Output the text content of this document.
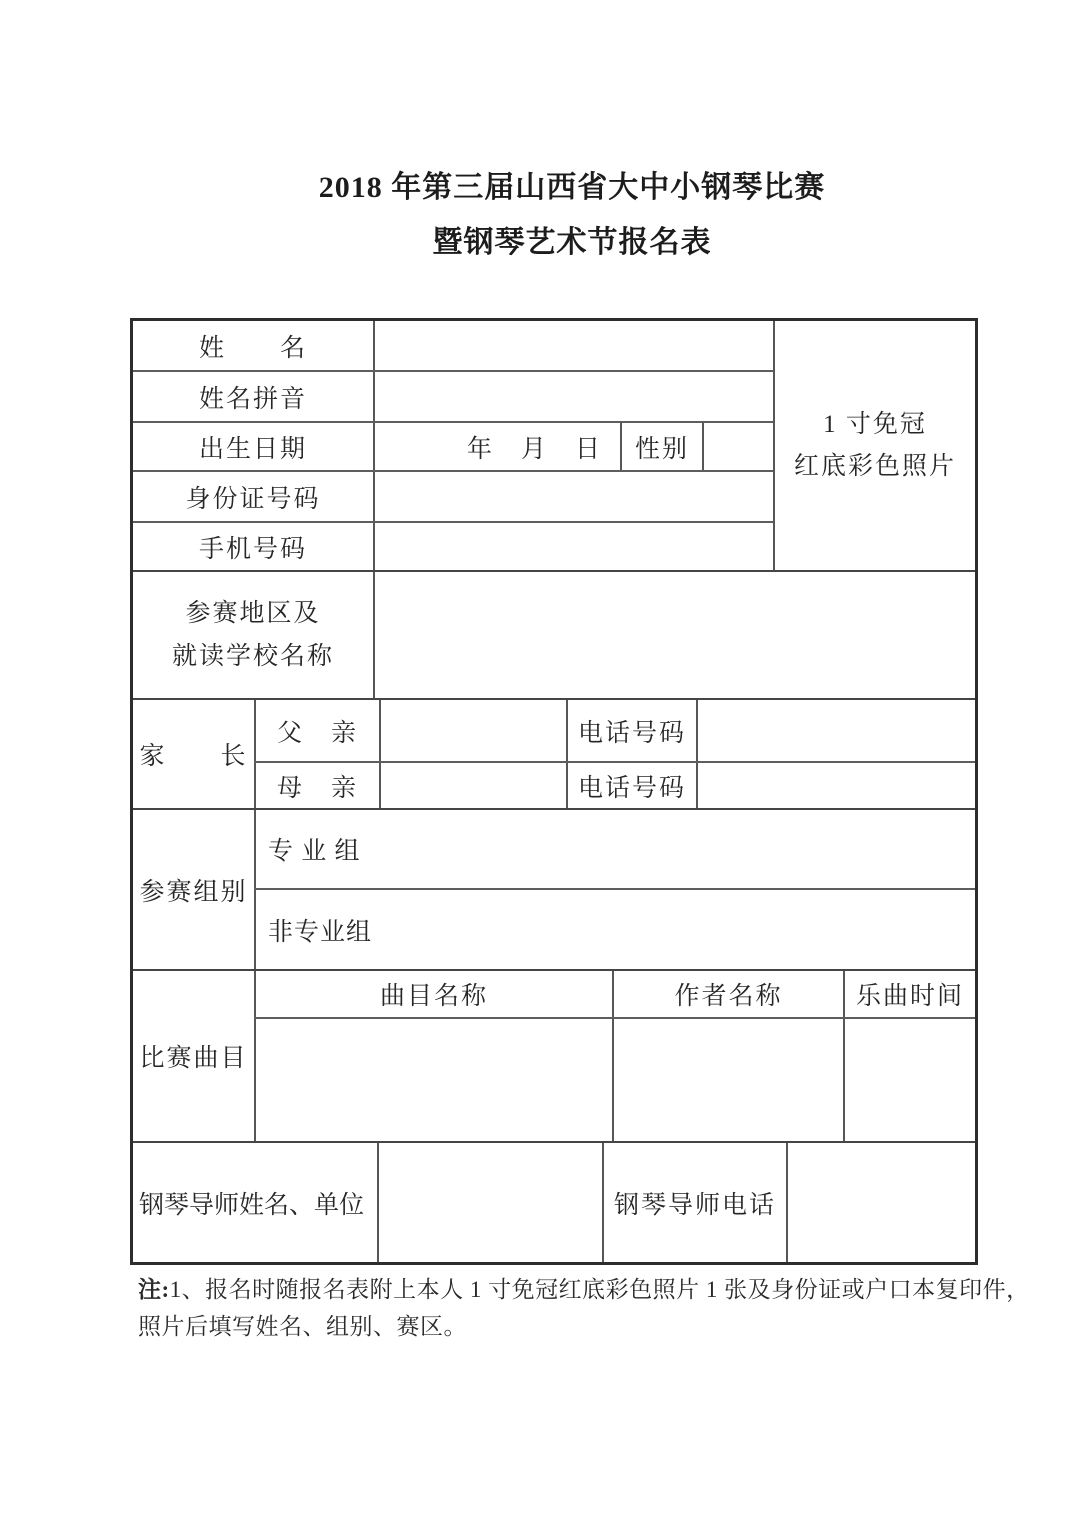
2018 年第三届山西省大中小钢琴比赛
暨钢琴艺术节报名表
姓　　名
姓名拼音
出生日期	年　月　日	性别
身份证号码
手机号码
1 寸免冠
红底彩色照片
参赛地区及
就读学校名称
家　　长
父　亲	电话号码
母　亲	电话号码
参赛组别
专 业 组
非专业组
比赛曲目
曲目名称	作者名称	乐曲时间
钢琴导师姓名、单位	钢琴导师电话
注:1、报名时随报名表附上本人 1 寸免冠红底彩色照片 1 张及身份证或户口本复印件，
照片后填写姓名、组别、赛区。
